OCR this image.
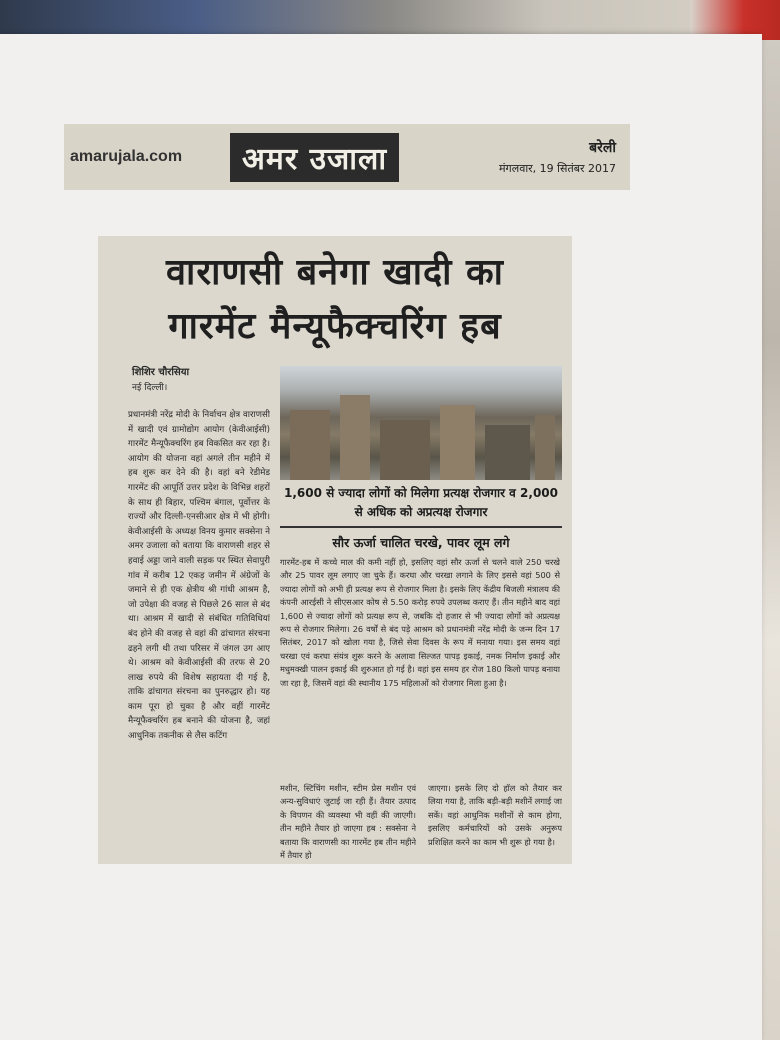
amarujala.com	अमर उजाला	बरेली
मंगलवार, 19 सितंबर 2017
वाराणसी बनेगा खादी का
गारमेंट मैन्यूफैक्चरिंग हब
शिशिर चौरसिया
नई दिल्ली।
प्रधानमंत्री नरेंद्र मोदी के निर्वाचन क्षेत्र वाराणसी में खादी एवं ग्रामोद्योग आयोग (केवीआईसी) गारमेंट मैन्यूफैक्चरिंग हब विकसित कर रहा है। आयोग की योजना वहां अगले तीन महीने में हब शुरू कर देने की है। वहां बने रेडीमेड गारमेंट की आपूर्ति उत्तर प्रदेश के विभिन्न शहरों के साथ ही बिहार, पश्चिम बंगाल, पूर्वोत्तर के राज्यों और दिल्ली-एनसीआर क्षेत्र में भी होगी। केवीआईसी के अध्यक्ष विनय कुमार सक्सेना ने अमर उजाला को बताया कि वाराणसी शहर से हवाई अड्डा जाने वाली सड़क पर स्थित सेवापुरी गांव में करीब 12 एकड़ जमीन में अंग्रेजों के जमाने से ही एक क्षेत्रीय श्री गांधी आश्रम है, जो उपेक्षा की वजह से पिछले 26 साल से बंद था। आश्रम में खादी से संबंधित गतिविधियां बंद होने की वजह से वहां की ढांचागत संरचना ढहने लगी थी तथा परिसर में जंगल उग आए थे। आश्रम को केवीआईसी की तरफ से 20 लाख रुपये की विशेष सहायता दी गई है, ताकि ढांचागत संरचना का पुनरुद्धार हो। यह काम पूरा हो चुका है और वहीं गारमेंट मैन्यूफैक्चरिंग हब बनाने की योजना है, जहां आधुनिक तकनीक से लैस कटिंग
1,600 से ज्यादा लोगों को मिलेगा प्रत्यक्ष रोजगार व 2,000 से अधिक को अप्रत्यक्ष रोजगार
सौर ऊर्जा चालित चरखे, पावर लूम लगे
गारमेंट-हब में कच्चे माल की कमी नहीं हो, इसलिए वहां सौर ऊर्जा से चलने वाले 250 चरखे और 25 पावर लूम लगाए जा चुके हैं। करघा और चरखा लगाने के लिए इससे वहां 500 से ज्यादा लोगों को अभी ही प्रत्यक्ष रूप से रोजगार मिला है। इसके लिए केंद्रीय बिजली मंत्रालय की कंपनी आरईसी ने सीएसआर कोष से 5.50 करोड़ रुपये उपलब्ध कराए हैं। तीन महीने बाद वहां 1,600 से ज्यादा लोगों को प्रत्यक्ष रूप से, जबकि दो हजार से भी ज्यादा लोगों को अप्रत्यक्ष रूप से रोजगार मिलेगा। 26 वर्षों से बंद पड़े आश्रम को प्रधानमंत्री नरेंद्र मोदी के जन्म दिन 17 सितंबर, 2017 को खोला गया है, जिसे सेवा दिवस के रूप में मनाया गया। इस समय वहां चरखा एवं करघा संयंत्र शुरू करने के अलावा सिल्जत पापड़ इकाई, नमक निर्माण इकाई और मधुमक्खी पालन इकाई की शुरुआत हो गई है। वहां इस समय हर रोज 180 किलो पापड़ बनाया जा रहा है, जिसमें वहां की स्थानीय 175 महिलाओं को रोजगार मिला हुआ है।
मशीन, स्टिचिंग मशीन, स्टीम प्रेस मशीन एवं अन्य-सुविधाएं जुटाई जा रही हैं। तैयार उत्पाद के विपणन की व्यवस्था भी वहीं की जाएगी। तीन महीने तैयार हो जाएगा हब : सक्सेना ने बताया कि वाराणसी का गारमेंट हब तीन महीने में तैयार हो
जाएगा। इसके लिए दो हॉल को तैयार कर लिया गया है, ताकि बड़ी-बड़ी मशीनें लगाई जा सकें। वहां आधुनिक मशीनों से काम होगा, इसलिए कर्मचारियों को उसके अनुरूप प्रशिक्षित करने का काम भी शुरू हो गया है।
